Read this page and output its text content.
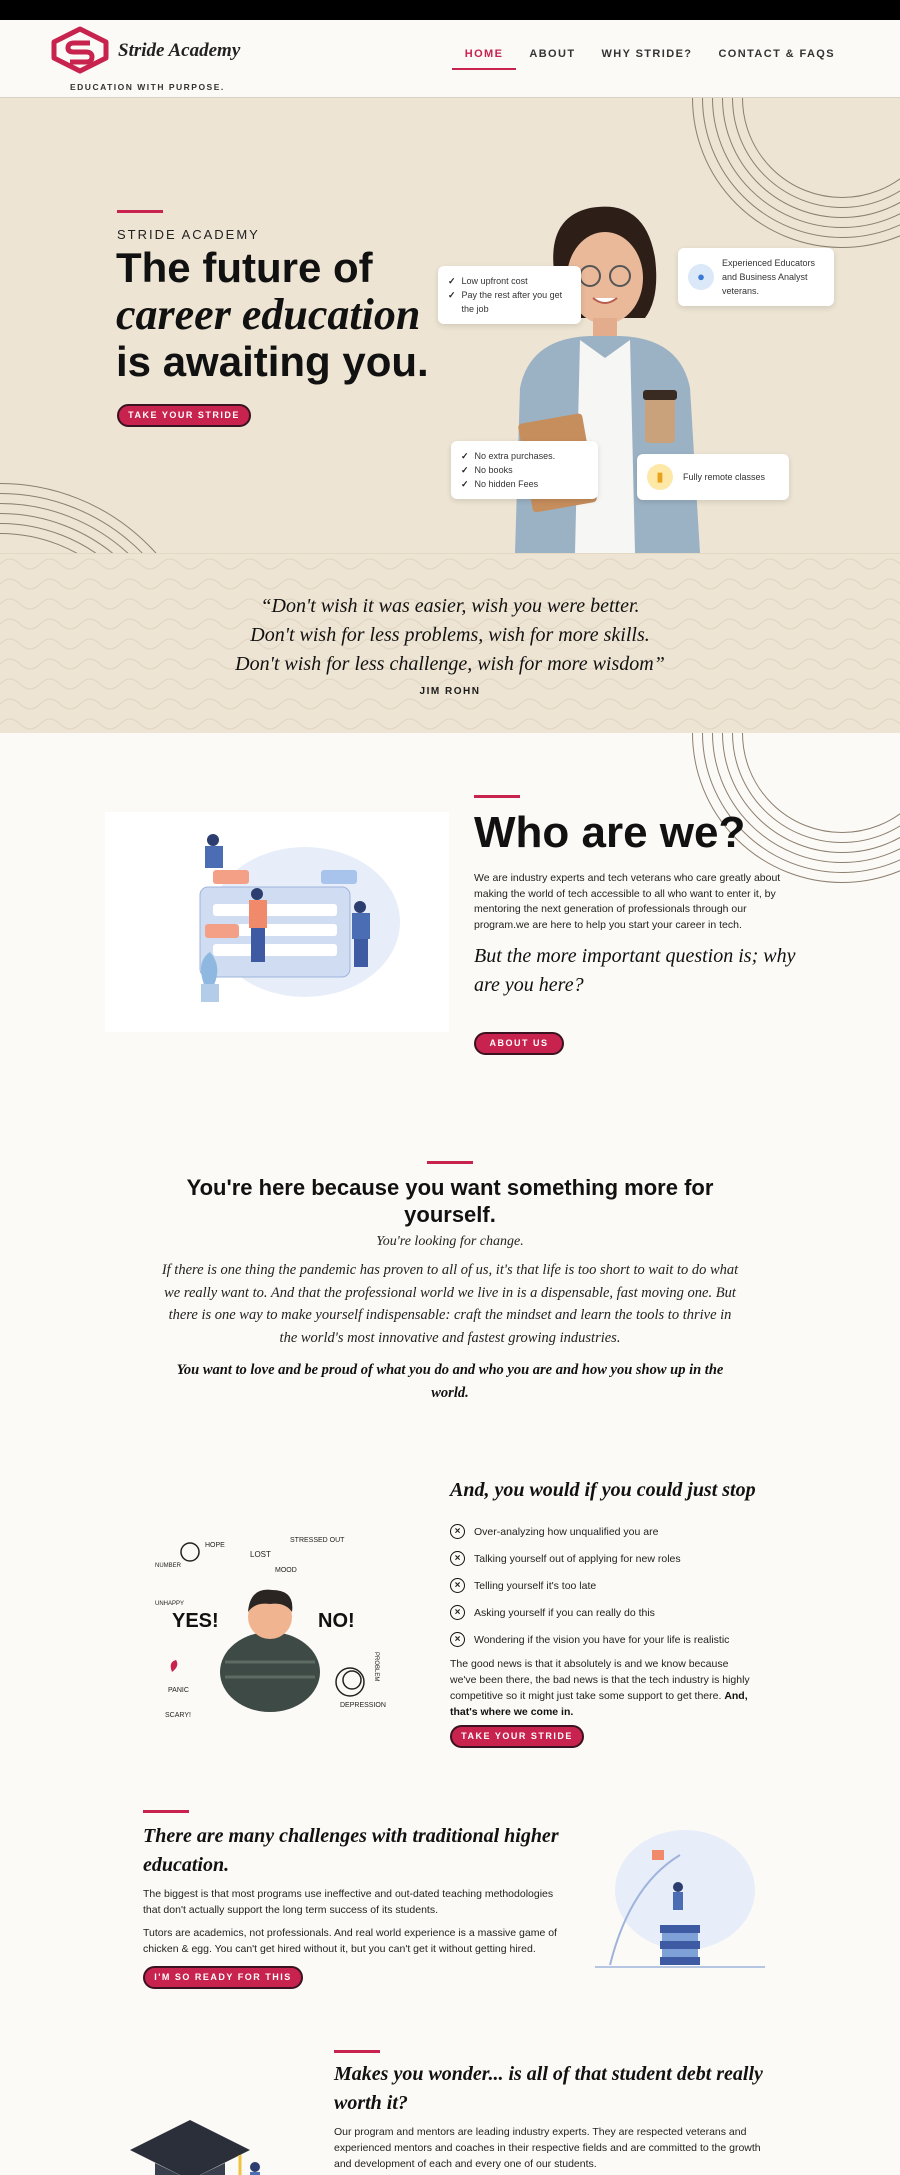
Stride Academy
EDUCATION WITH PURPOSE.
HOME	ABOUT	WHY STRIDE?	CONTACT & FAQS
STRIDE ACADEMY
The future of
career education
is awaiting you.
TAKE YOUR STRIDE
✓ Low upfront cost
✓ Pay the rest after you get the job
●
Experienced Educators and Business Analyst veterans.
✓ No extra purchases.
✓ No books
✓ No hidden Fees	▮	Fully remote classes
“Don't wish it was easier, wish you were better.
Don't wish for less problems, wish for more skills.
Don't wish for less challenge, wish for more wisdom”
JIM ROHN
Who are we?

We are industry experts and tech veterans who care greatly about making the world of tech accessible to all who want to enter it, by mentoring the next generation of professionals through our program.we are here to help you start your career in tech.

But the more important question is; why are you here?

ABOUT US
You're here because you want something more for yourself.

You're looking for change.

If there is one thing the pandemic has proven to all of us, it's that life is too short to wait to do what we really want to. And that the professional world we live in is a dispensable, fast moving one. But there is one way to make yourself indispensable: craft the mindset and learn the tools to thrive in the world's most innovative and fastest growing industries.

You want to love and be proud of what you do and who you are and how you show up in the world.

HOPE
LOST
STRESSED OUT
NUMBER
MOOD
UNHAPPY
YES!	NO!
PROBLEM
PANIC
SCARY!
DEPRESSION
And, you would if you could just stop
×	Over-analyzing how unqualified you are
×	Talking yourself out of applying for new roles
×	Telling yourself it's too late
×	Asking yourself if you can really do this
×	Wondering if the vision you have for your life is realistic

The good news is that it absolutely is and we know because we've been there, the bad news is that the tech industry is highly competitive so it might just take some support to get there. And, that's where we come in.

TAKE YOUR STRIDE
There are many challenges with traditional higher education.

The biggest is that most programs use ineffective and out-dated teaching methodologies that don't actually support the long term success of its students.

Tutors are academics, not professionals. And real world experience is a massive game of chicken & egg. You can't get hired without it, but you can't get it without getting hired.

I'M SO READY FOR THIS
Makes you wonder... is all of that student debt really worth it?

Our program and mentors are leading industry experts. They are respected veterans and experienced mentors and coaches in their respective fields and are committed to the growth and development of each and every one of our students.
